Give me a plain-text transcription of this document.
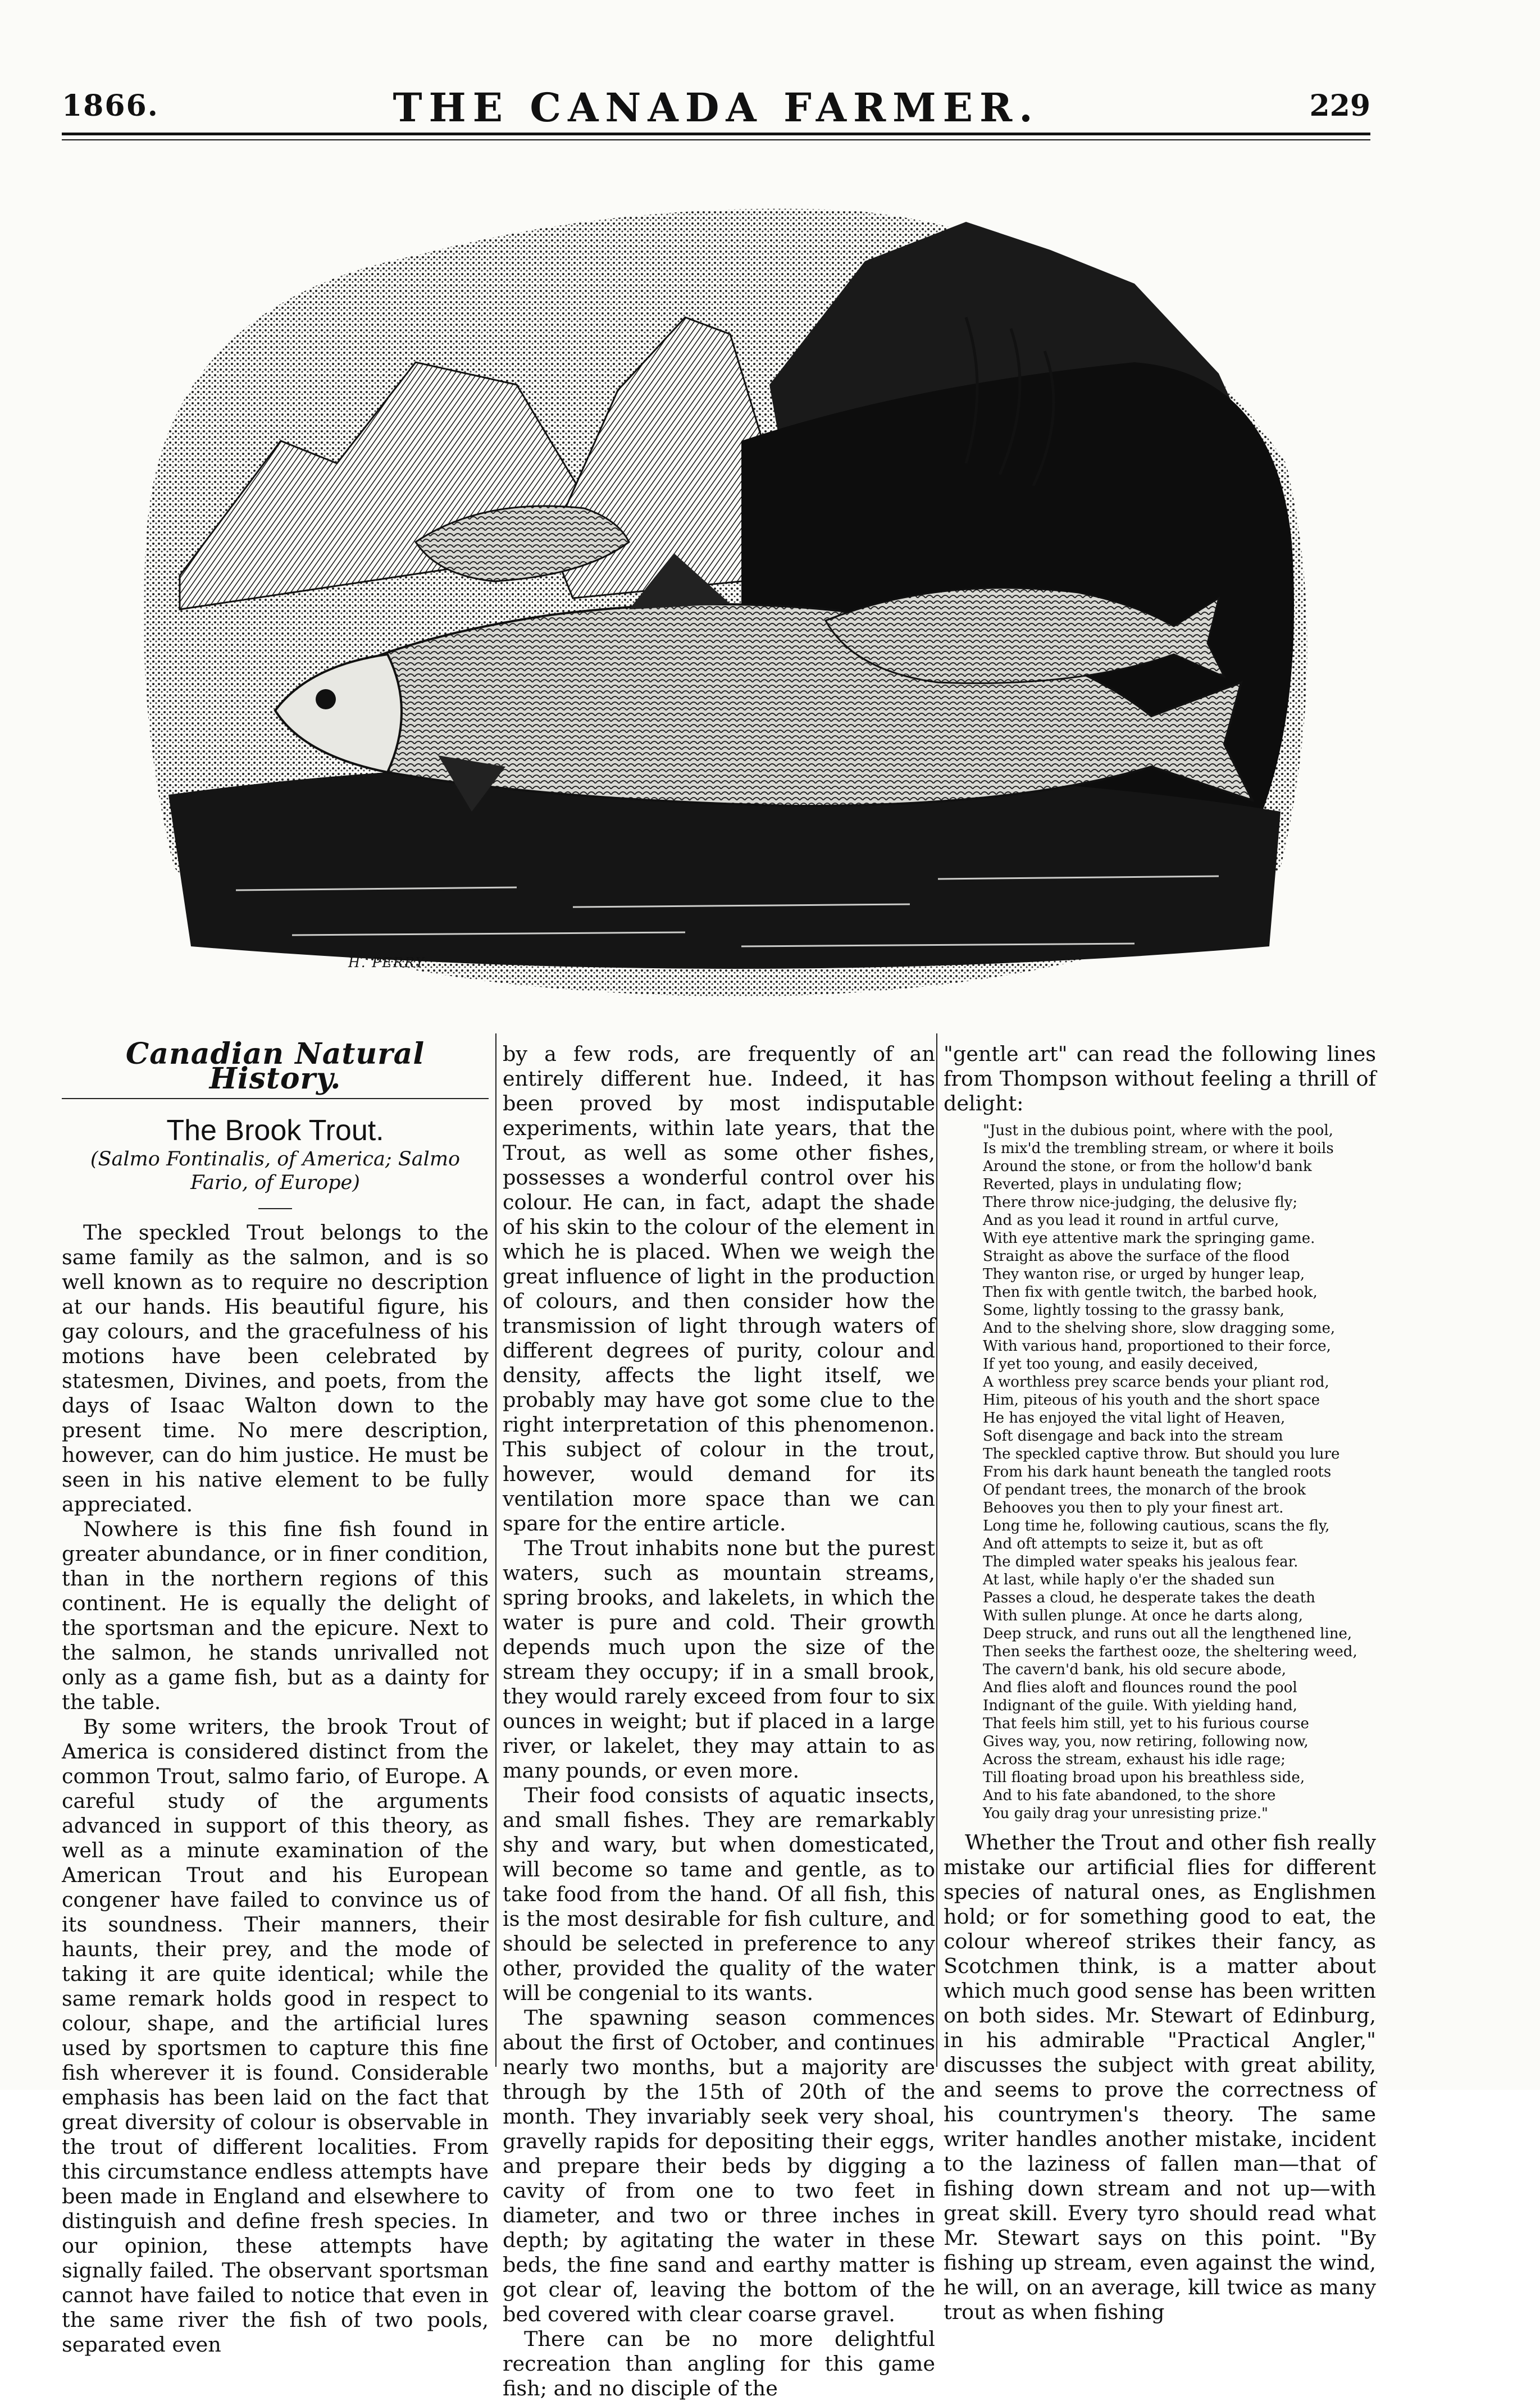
1866.	THE CANADA FARMER.	229
H. PERRY
Canadian Natural History.
The Brook Trout.
(Salmo Fontinalis, of America; Salmo Fario, of Europe)

The speckled Trout belongs to the same family as the salmon, and is so well known as to require no description at our hands. His beautiful figure, his gay colours, and the gracefulness of his motions have been celebrated by statesmen, Divines, and poets, from the days of Isaac Walton down to the present time. No mere description, however, can do him justice. He must be seen in his native element to be fully appreciated.

Nowhere is this fine fish found in greater abundance, or in finer condition, than in the northern regions of this continent. He is equally the delight of the sportsman and the epicure. Next to the salmon, he stands unrivalled not only as a game fish, but as a dainty for the table.

By some writers, the brook Trout of America is considered distinct from the common Trout, salmo fario, of Europe. A careful study of the arguments advanced in support of this theory, as well as a minute examination of the American Trout and his European congener have failed to convince us of its soundness. Their manners, their haunts, their prey, and the mode of taking it are quite identical; while the same remark holds good in respect to colour, shape, and the artificial lures used by sportsmen to capture this fine fish wherever it is found. Considerable emphasis has been laid on the fact that great diversity of colour is observable in the trout of different localities. From this circumstance endless attempts have been made in England and elsewhere to distinguish and define fresh species. In our opinion, these attempts have signally failed. The observant sportsman cannot have failed to notice that even in the same river the fish of two pools, separated even

by a few rods, are frequently of an entirely different hue. Indeed, it has been proved by most indisputable experiments, within late years, that the Trout, as well as some other fishes, possesses a wonderful control over his colour. He can, in fact, adapt the shade of his skin to the colour of the element in which he is placed. When we weigh the great influence of light in the production of colours, and then consider how the transmission of light through waters of different degrees of purity, colour and density, affects the light itself, we probably may have got some clue to the right interpretation of this phenomenon. This subject of colour in the trout, however, would demand for its ventilation more space than we can spare for the entire article.

The Trout inhabits none but the purest waters, such as mountain streams, spring brooks, and lakelets, in which the water is pure and cold. Their growth depends much upon the size of the stream they occupy; if in a small brook, they would rarely exceed from four to six ounces in weight; but if placed in a large river, or lakelet, they may attain to as many pounds, or even more.

Their food consists of aquatic insects, and small fishes. They are remarkably shy and wary, but when domesticated, will become so tame and gentle, as to take food from the hand. Of all fish, this is the most desirable for fish culture, and should be selected in preference to any other, provided the quality of the water will be congenial to its wants.

The spawning season commences about the first of October, and continues nearly two months, but a majority are through by the 15th of 20th of the month. They invariably seek very shoal, gravelly rapids for depositing their eggs, and prepare their beds by digging a cavity of from one to two feet in diameter, and two or three inches in depth; by agitating the water in these beds, the fine sand and earthy matter is got clear of, leaving the bottom of the bed covered with clear coarse gravel.

There can be no more delightful recreation than angling for this game fish; and no disciple of the

"gentle art" can read the following lines from Thompson without feeling a thrill of delight:

"Just in the dubious point, where with the pool,
Is mix'd the trembling stream, or where it boils
Around the stone, or from the hollow'd bank
Reverted, plays in undulating flow;
There throw nice-judging, the delusive fly;
And as you lead it round in artful curve,
With eye attentive mark the springing game.
Straight as above the surface of the flood
They wanton rise, or urged by hunger leap,
Then fix with gentle twitch, the barbed hook,
Some, lightly tossing to the grassy bank,
And to the shelving shore, slow dragging some,
With various hand, proportioned to their force,
If yet too young, and easily deceived,
A worthless prey scarce bends your pliant rod,
Him, piteous of his youth and the short space
He has enjoyed the vital light of Heaven,
Soft disengage and back into the stream
The speckled captive throw. But should you lure
From his dark haunt beneath the tangled roots
Of pendant trees, the monarch of the brook
Behooves you then to ply your finest art.
Long time he, following cautious, scans the fly,
And oft attempts to seize it, but as oft
The dimpled water speaks his jealous fear.
At last, while haply o'er the shaded sun
Passes a cloud, he desperate takes the death
With sullen plunge. At once he darts along,
Deep struck, and runs out all the lengthened line,
Then seeks the farthest ooze, the sheltering weed,
The cavern'd bank, his old secure abode,
And flies aloft and flounces round the pool
Indignant of the guile. With yielding hand,
That feels him still, yet to his furious course
Gives way, you, now retiring, following now,
Across the stream, exhaust his idle rage;
Till floating broad upon his breathless side,
And to his fate abandoned, to the shore
You gaily drag your unresisting prize."

Whether the Trout and other fish really mistake our artificial flies for different species of natural ones, as Englishmen hold; or for something good to eat, the colour whereof strikes their fancy, as Scotchmen think, is a matter about which much good sense has been written on both sides. Mr. Stewart of Edinburg, in his admirable "Practical Angler," discusses the subject with great ability, and seems to prove the correctness of his countrymen's theory. The same writer handles another mistake, incident to the laziness of fallen man—that of fishing down stream and not up—with great skill. Every tyro should read what Mr. Stewart says on this point. "By fishing up stream, even against the wind, he will, on an average, kill twice as many trout as when fishing
